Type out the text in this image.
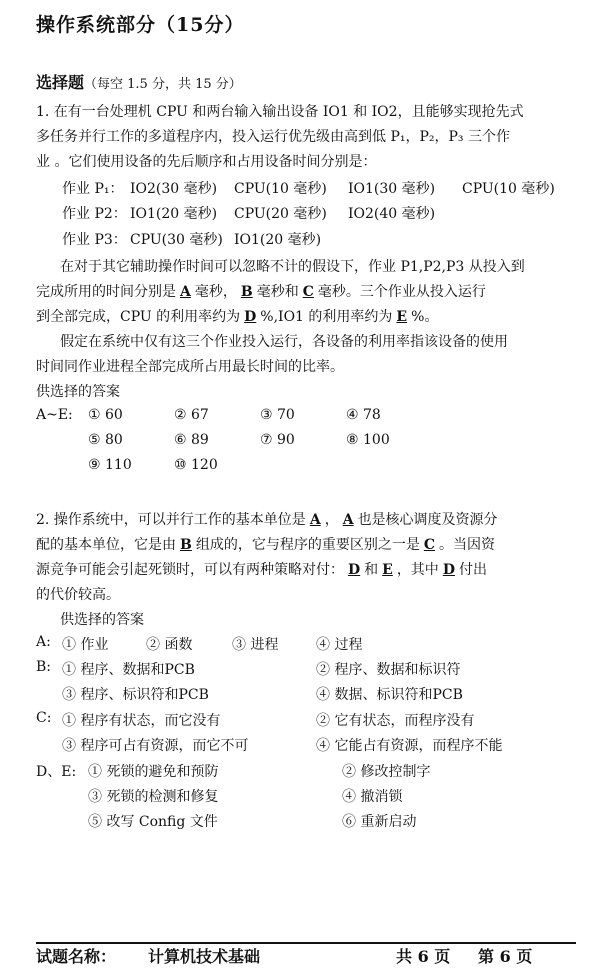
操作系统部分（15分）
选择题（每空 1.5 分，共 15 分）
1. 在有一台处理机 CPU 和两台输入输出设备 IO1 和 IO2，且能够实现抢先式
多任务并行工作的多道程序内，投入运行优先级由高到低 P₁，P₂，P₃ 三个作
业 。它们使用设备的先后顺序和占用设备时间分别是：
作业 P₁： IO2(30 毫秒) CPU(10 毫秒) IO1(30 毫秒) CPU(10 毫秒)
作业 P2： IO1(20 毫秒) CPU(20 毫秒) IO2(40 毫秒)
作业 P3： CPU(30 毫秒) IO1(20 毫秒)
在对于其它辅助操作时间可以忽略不计的假设下，作业 P1,P2,P3 从投入到
完成所用的时间分别是 A 毫秒， B 毫秒和 C 毫秒。三个作业从投入运行
到全部完成，CPU 的利用率约为 D %,IO1 的利用率约为 E %。
假定在系统中仅有这三个作业投入运行，各设备的利用率指该设备的使用
时间同作业进程全部完成所占用最长时间的比率。
供选择的答案
A~E: ① 60	② 67	③ 70	④ 78
⑤ 80	⑥ 89	⑦ 90	⑧ 100
⑨ 110	⑩ 120
2. 操作系统中，可以并行工作的基本单位是 A ， A 也是核心调度及资源分
配的基本单位，它是由 B 组成的，它与程序的重要区别之一是 C 。当因资
源竞争可能会引起死锁时，可以有两种策略对付： D 和 E ，其中 D 付出
的代价较高。
供选择的答案
A: ① 作业	② 函数	③ 进程	④ 过程
B: ① 程序、数据和PCB	② 程序、数据和标识符
③ 程序、标识符和PCB	④ 数据、标识符和PCB
C: ① 程序有状态，而它没有	② 它有状态，而程序没有
③ 程序可占有资源，而它不可	④ 它能占有资源，而程序不能
D、E: ① 死锁的避免和预防	② 修改控制字
③ 死锁的检测和修复	④ 撤消锁
⑤ 改写 Config 文件	⑥ 重新启动
试题名称： 计算机技术基础	共 6 页 第 6 页
